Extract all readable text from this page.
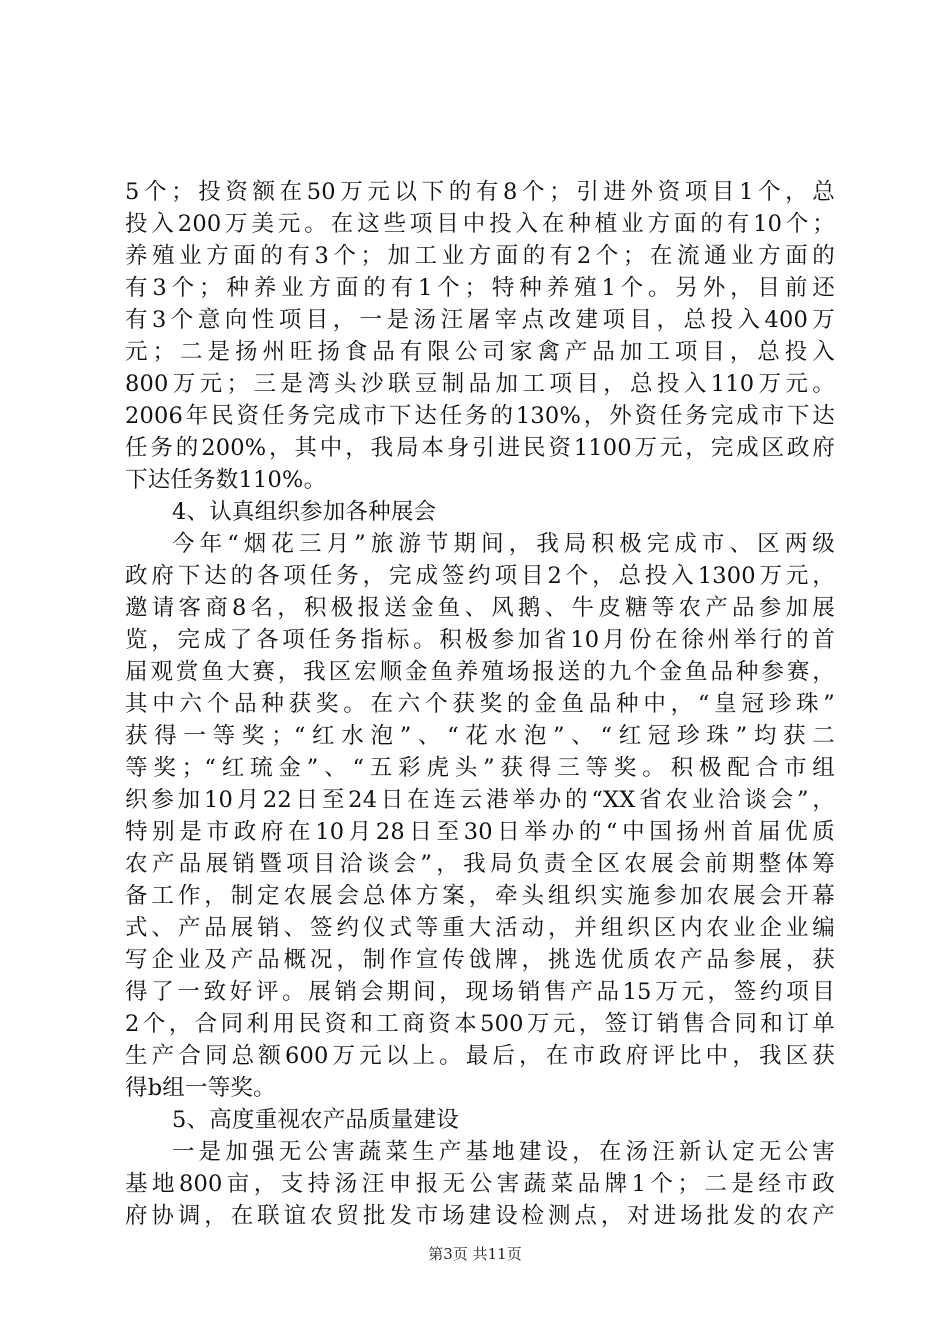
5个；投资额在50万元以下的有8个；引进外资项目1个，总
投入200万美元。在这些项目中投入在种植业方面的有10个；
养殖业方面的有3个；加工业方面的有2个；在流通业方面的
有3个；种养业方面的有1个；特种养殖1个。另外，目前还
有3个意向性项目，一是汤汪屠宰点改建项目，总投入400万
元；二是扬州旺扬食品有限公司家禽产品加工项目，总投入
800万元；三是湾头沙联豆制品加工项目，总投入110万元。
2006年民资任务完成市下达任务的130%，外资任务完成市下达
任务的200%，其中，我局本身引进民资1100万元，完成区政府
下达任务数110%。
4、认真组织参加各种展会
今年“烟花三月”旅游节期间，我局积极完成市、区两级
政府下达的各项任务，完成签约项目2个，总投入1300万元，
邀请客商8名，积极报送金鱼、风鹅、牛皮糖等农产品参加展
览，完成了各项任务指标。积极参加省10月份在徐州举行的首
届观赏鱼大赛，我区宏顺金鱼养殖场报送的九个金鱼品种参赛，
其中六个品种获奖。在六个获奖的金鱼品种中，“皇冠珍珠”
获得一等奖；“红水泡”、“花水泡”、“红冠珍珠”均获二
等奖；“红琉金”、“五彩虎头”获得三等奖。积极配合市组
织参加10月22日至24日在连云港举办的“XX省农业洽谈会”，
特别是市政府在10月28日至30日举办的“中国扬州首届优质
农产品展销暨项目洽谈会”，我局负责全区农展会前期整体筹
备工作，制定农展会总体方案，牵头组织实施参加农展会开幕
式、产品展销、签约仪式等重大活动，并组织区内农业企业编
写企业及产品概况，制作宣传戗牌，挑选优质农产品参展，获
得了一致好评。展销会期间，现场销售产品15万元，签约项目
2个，合同利用民资和工商资本500万元，签订销售合同和订单
生产合同总额600万元以上。最后，在市政府评比中，我区获
得b组一等奖。
5、高度重视农产品质量建设
一是加强无公害蔬菜生产基地建设，在汤汪新认定无公害
基地800亩，支持汤汪申报无公害蔬菜品牌1个；二是经市政
府协调，在联谊农贸批发市场建设检测点，对进场批发的农产
第3页 共11页
